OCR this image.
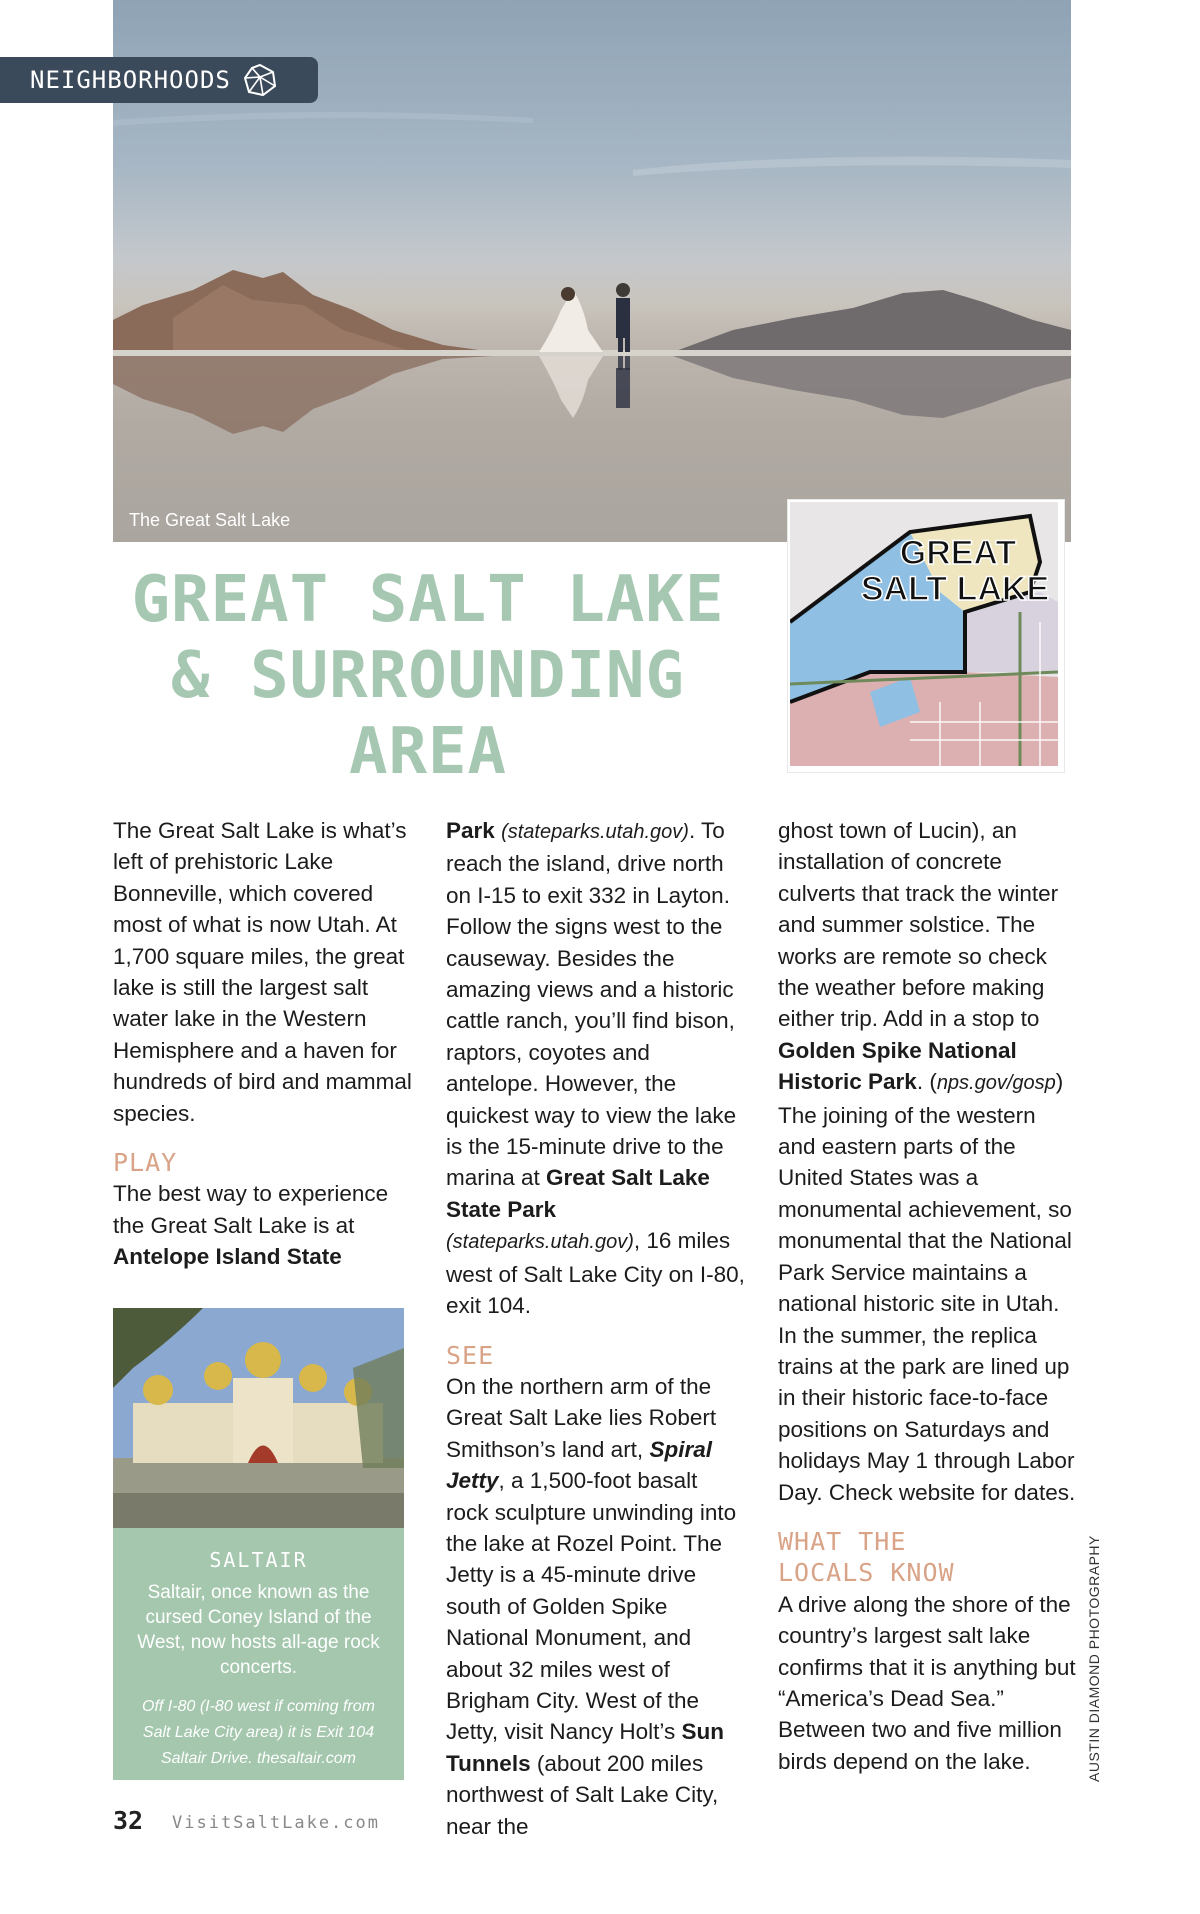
The Great Salt Lake
NEIGHBORHOODS
GREAT
SALT LAKE
GREAT SALT LAKE
& SURROUNDING
AREA

The Great Salt Lake is what’s left of prehistoric Lake Bonneville, which covered most of what is now Utah. At 1,700 square miles, the great lake is still the largest salt water lake in the Western Hemisphere and a haven for hundreds of bird and mammal species.

PLAY

The best way to experience the Great Salt Lake is at Antelope Island State

SALTAIR
Saltair, once known as the cursed Coney Island of the West, now hosts all-age rock concerts.
Off I-80 (I-80 west if coming from Salt Lake City area) it is Exit 104 Saltair Drive. thesaltair.com

Park (stateparks.utah.gov). To reach the island, drive north on I-15 to exit 332 in Layton. Follow the signs west to the causeway. Besides the amazing views and a historic cattle ranch, you’ll find bison, raptors, coyotes and antelope. However, the quickest way to view the lake is the 15-minute drive to the marina at Great Salt Lake State Park (stateparks.utah.gov), 16 miles west of Salt Lake City on I-80, exit 104.

SEE

On the northern arm of the Great Salt Lake lies Robert Smithson’s land art, Spiral Jetty, a 1,500-foot basalt rock sculpture unwinding into the lake at Rozel Point. The Jetty is a 45-minute drive south of Golden Spike National Monument, and about 32 miles west of Brigham City. West of the Jetty, visit Nancy Holt’s Sun Tunnels (about 200 miles northwest of Salt Lake City, near the

ghost town of Lucin), an installation of concrete culverts that track the winter and summer solstice. The works are remote so check the weather before making either trip. Add in a stop to Golden Spike National Historic Park. (nps.gov/gosp) The joining of the western and eastern parts of the United States was a monumental achievement, so monumental that the National Park Service maintains a national historic site in Utah. In the summer, the replica trains at the park are lined up in their historic face-to-face positions on Saturdays and holidays May 1 through Labor Day. Check website for dates.

WHAT THE LOCALS KNOW

A drive along the shore of the country’s largest salt lake confirms that it is anything but “America’s Dead Sea.” Between two and five million birds depend on the lake.	AUSTIN DIAMOND PHOTOGRAPHY
32 VisitSaltLake.com
